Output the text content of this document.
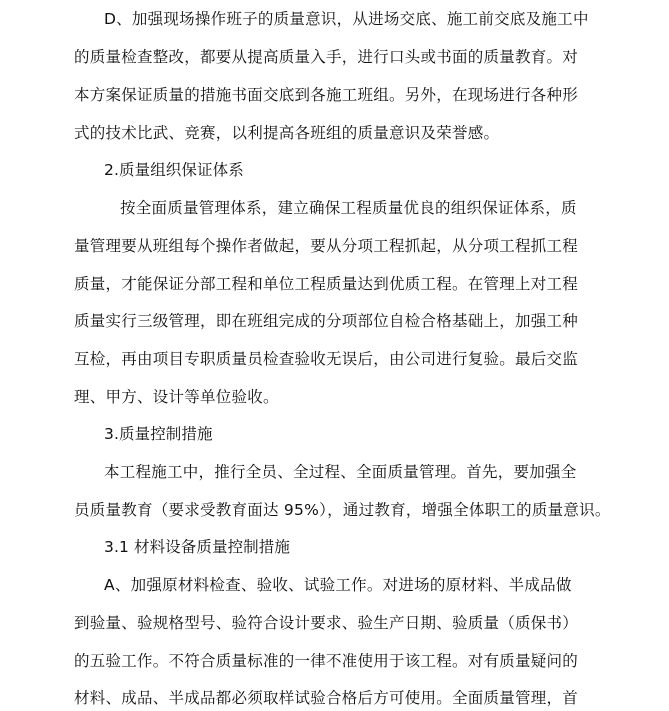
D、加强现场操作班子的质量意识，从进场交底、施工前交底及施工中
的质量检查整改，都要从提高质量入手，进行口头或书面的质量教育。对
本方案保证质量的措施书面交底到各施工班组。另外，在现场进行各种形
式的技术比武、竞赛，以利提高各班组的质量意识及荣誉感。
2.质量组织保证体系
按全面质量管理体系，建立确保工程质量优良的组织保证体系，质
量管理要从班组每个操作者做起，要从分项工程抓起，从分项工程抓工程
质量，才能保证分部工程和单位工程质量达到优质工程。在管理上对工程
质量实行三级管理，即在班组完成的分项部位自检合格基础上，加强工种
互检，再由项目专职质量员检查验收无误后，由公司进行复验。最后交监
理、甲方、设计等单位验收。
3.质量控制措施
本工程施工中，推行全员、全过程、全面质量管理。首先，要加强全
员质量教育（要求受教育面达 95%），通过教育，增强全体职工的质量意识。
3.1 材料设备质量控制措施
A、加强原材料检查、验收、试验工作。对进场的原材料、半成品做
到验量、验规格型号、验符合设计要求、验生产日期、验质量（质保书）
的五验工作。不符合质量标准的一律不准使用于该工程。对有质量疑问的
材料、成品、半成品都必须取样试验合格后方可使用。全面质量管理，首
